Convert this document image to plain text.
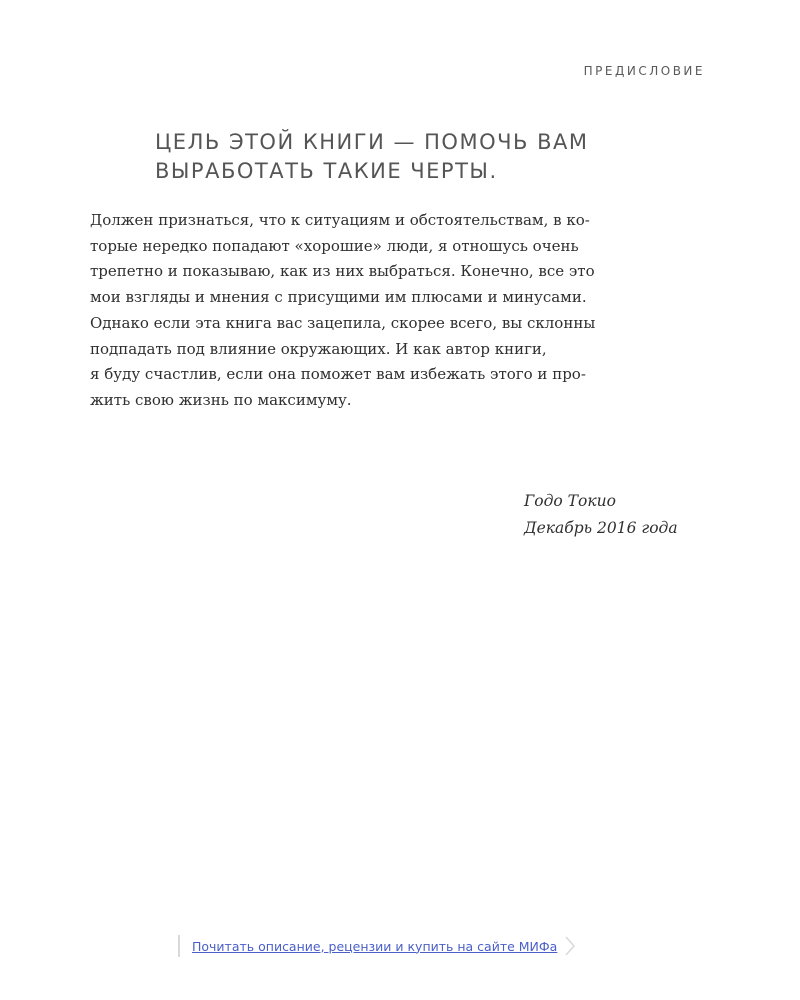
ПРЕДИСЛОВИЕ
ЦЕЛЬ ЭТОЙ КНИГИ — ПОМОЧЬ ВАМ
ВЫРАБОТАТЬ ТАКИЕ ЧЕРТЫ.
Должен признаться, что к ситуациям и обстоятельствам, в ко-
торые нередко попадают «хорошие» люди, я отношусь очень
трепетно и показываю, как из них выбраться. Конечно, все это
мои взгляды и мнения с присущими им плюсами и минусами.
Однако если эта книга вас зацепила, скорее всего, вы склонны
подпадать под влияние окружающих. И как автор книги,
я буду счастлив, если она поможет вам избежать этого и про-
жить свою жизнь по максимуму.
Годо Токио
Декабрь 2016 года
Почитать описание, рецензии и купить на сайте МИФа
